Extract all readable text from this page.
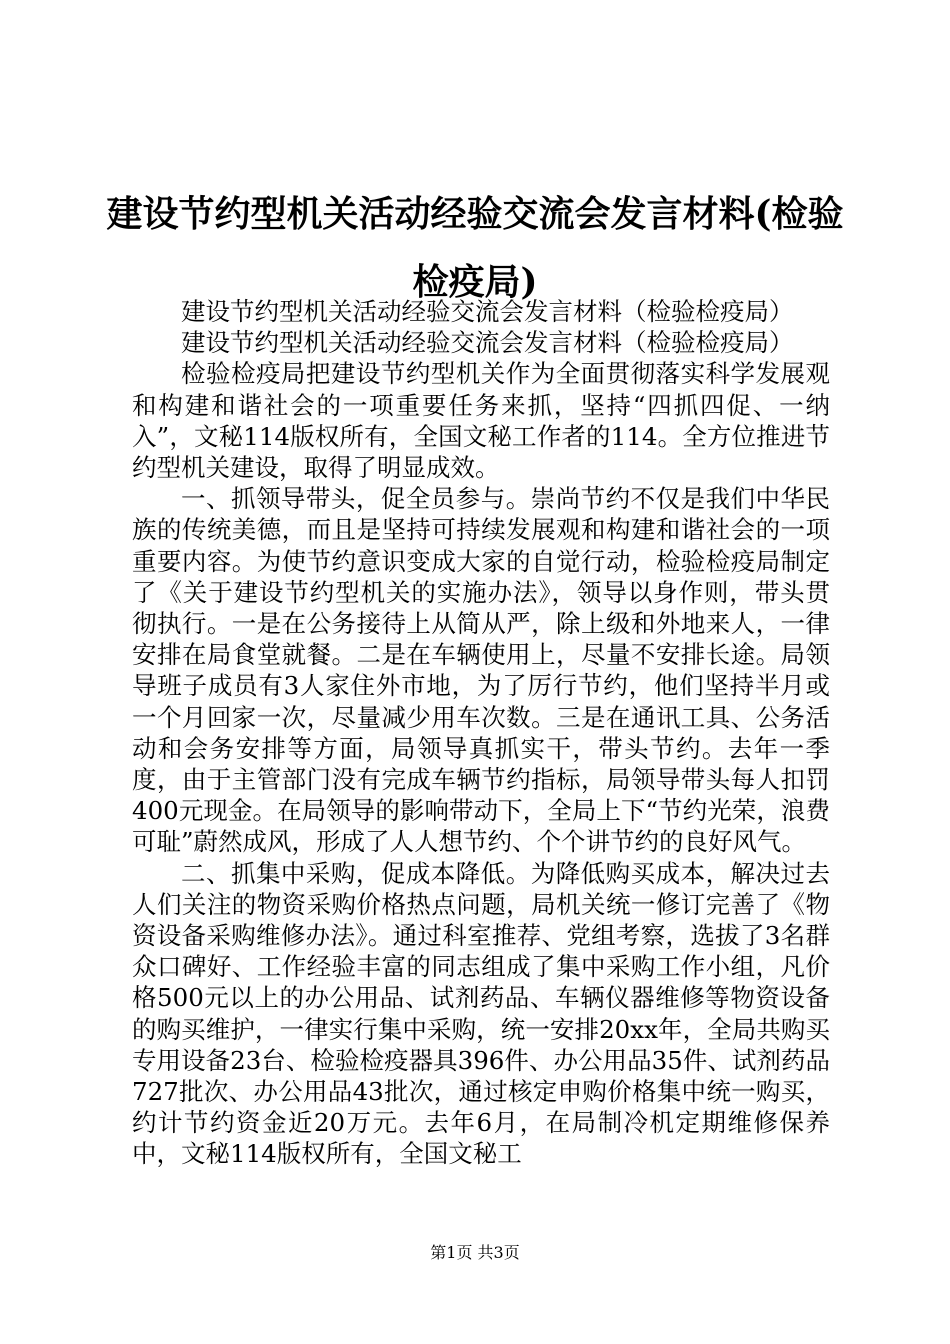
建设节约型机关活动经验交流会发言材料(检验检疫局)

建设节约型机关活动经验交流会发言材料（检验检疫局）

建设节约型机关活动经验交流会发言材料（检验检疫局）

检验检疫局把建设节约型机关作为全面贯彻落实科学发展观和构建和谐社会的一项重要任务来抓，坚持“四抓四促、一纳入”，文秘114版权所有，全国文秘工作者的114。全方位推进节约型机关建设，取得了明显成效。

一、抓领导带头，促全员参与。崇尚节约不仅是我们中华民族的传统美德，而且是坚持可持续发展观和构建和谐社会的一项重要内容。为使节约意识变成大家的自觉行动，检验检疫局制定了《关于建设节约型机关的实施办法》，领导以身作则，带头贯彻执行。一是在公务接待上从简从严，除上级和外地来人，一律安排在局食堂就餐。二是在车辆使用上，尽量不安排长途。局领导班子成员有3人家住外市地，为了厉行节约，他们坚持半月或一个月回家一次，尽量减少用车次数。三是在通讯工具、公务活动和会务安排等方面，局领导真抓实干，带头节约。去年一季度，由于主管部门没有完成车辆节约指标，局领导带头每人扣罚400元现金。在局领导的影响带动下，全局上下“节约光荣，浪费可耻”蔚然成风，形成了人人想节约、个个讲节约的良好风气。

二、抓集中采购，促成本降低。为降低购买成本，解决过去人们关注的物资采购价格热点问题，局机关统一修订完善了《物资设备采购维修办法》。通过科室推荐、党组考察，选拔了3名群众口碑好、工作经验丰富的同志组成了集中采购工作小组，凡价格500元以上的办公用品、试剂药品、车辆仪器维修等物资设备的购买维护，一律实行集中采购，统一安排20xx年，全局共购买专用设备23台、检验检疫器具396件、办公用品35件、试剂药品727批次、办公用品43批次，通过核定申购价格集中统一购买，约计节约资金近20万元。去年6月，在局制冷机定期维修保养中，文秘114版权所有，全国文秘工

第1页 共3页
